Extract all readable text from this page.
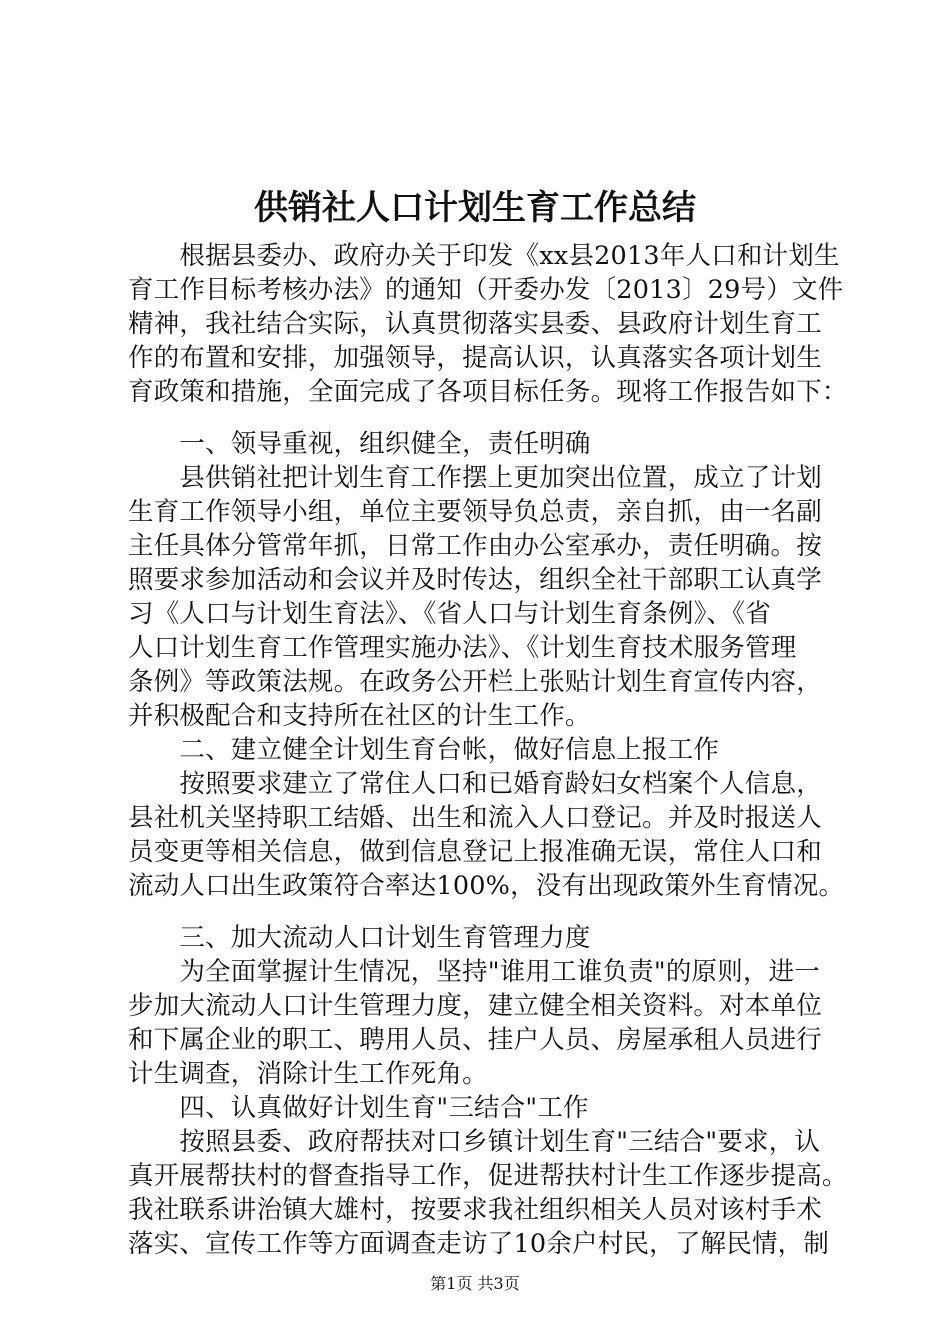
供销社人口计划生育工作总结
　　根据县委办、政府办关于印发《xx县2013年人口和计划生
育工作目标考核办法》的通知（开委办发〔2013〕29号）文件
精神，我社结合实际，认真贯彻落实县委、县政府计划生育工
作的布置和安排，加强领导，提高认识，认真落实各项计划生
育政策和措施，全面完成了各项目标任务。现将工作报告如下：
　　一、领导重视，组织健全，责任明确
　　县供销社把计划生育工作摆上更加突出位置，成立了计划
生育工作领导小组，单位主要领导负总责，亲自抓，由一名副
主任具体分管常年抓，日常工作由办公室承办，责任明确。按
照要求参加活动和会议并及时传达，组织全社干部职工认真学
习《人口与计划生育法》、《省人口与计划生育条例》、《省
人口计划生育工作管理实施办法》、《计划生育技术服务管理
条例》等政策法规。在政务公开栏上张贴计划生育宣传内容，
并积极配合和支持所在社区的计生工作。
　　二、建立健全计划生育台帐，做好信息上报工作
　　按照要求建立了常住人口和已婚育龄妇女档案个人信息，
县社机关坚持职工结婚、出生和流入人口登记。并及时报送人
员变更等相关信息，做到信息登记上报准确无误，常住人口和
流动人口出生政策符合率达100%，没有出现政策外生育情况。
　　三、加大流动人口计划生育管理力度
　　为全面掌握计生情况，坚持"谁用工谁负责"的原则，进一
步加大流动人口计生管理力度，建立健全相关资料。对本单位
和下属企业的职工、聘用人员、挂户人员、房屋承租人员进行
计生调查，消除计生工作死角。
　　四、认真做好计划生育"三结合"工作
　　按照县委、政府帮扶对口乡镇计划生育"三结合"要求，认
真开展帮扶村的督查指导工作，促进帮扶村计生工作逐步提高。
我社联系讲治镇大雄村，按要求我社组织相关人员对该村手术
落实、宣传工作等方面调查走访了10余户村民，了解民情，制
第1页 共3页
